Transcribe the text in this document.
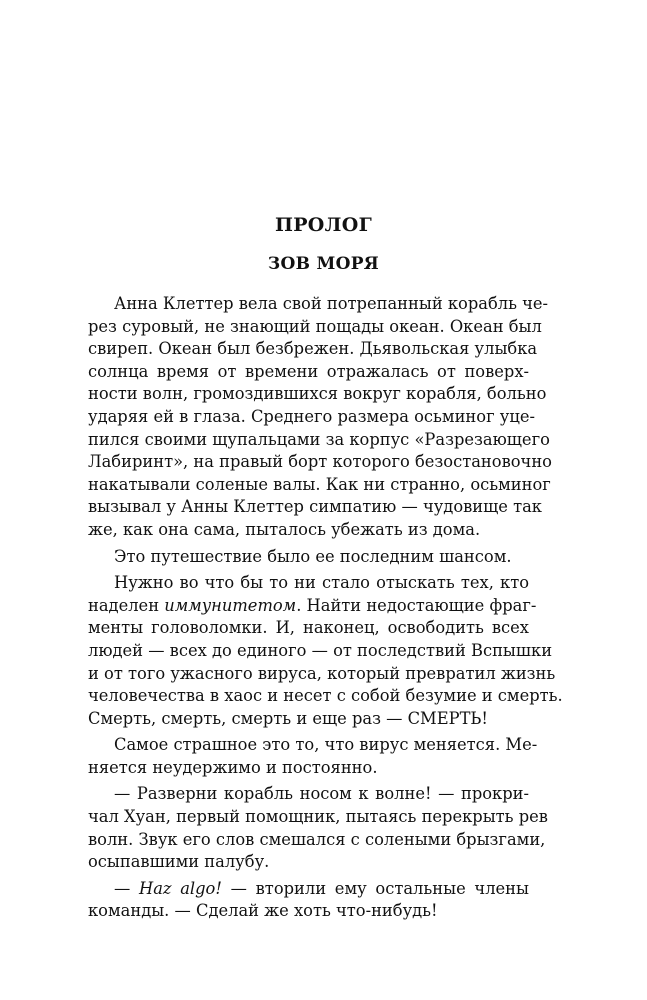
ПРОЛОГ
ЗОВ МОРЯ
Анна Клеттер вела свой потрепанный корабль че-
рез суровый, не знающий пощады океан. Океан был
свиреп. Океан был безбрежен. Дьявольская улыбка
солнца время от времени отражалась от поверх-
ности волн, громоздившихся вокруг корабля, больно
ударяя ей в глаза. Среднего размера осьминог уце-
пился своими щупальцами за корпус «Разрезающего
Лабиринт», на правый борт которого безостановочно
накатывали соленые валы. Как ни странно, осьминог
вызывал у Анны Клеттер симпатию — чудовище так
же, как она сама, пыталось убежать из дома.
Это путешествие было ее последним шансом.
Нужно во что бы то ни стало отыскать тех, кто
наделен иммунитетом. Найти недостающие фраг-
менты головоломки. И, наконец, освободить всех
людей — всех до единого — от последствий Вспышки
и от того ужасного вируса, который превратил жизнь
человечества в хаос и несет с собой безумие и смерть.
Смерть, смерть, смерть и еще раз — СМЕРТЬ!
Самое страшное это то, что вирус меняется. Ме-
няется неудержимо и постоянно.
— Разверни корабль носом к волне! — прокри-
чал Хуан, первый помощник, пытаясь перекрыть рев
волн. Звук его слов смешался с солеными брызгами,
осыпавшими палубу.
— Haz algo! — вторили ему остальные члены
команды. — Сделай же хоть что-нибудь!
